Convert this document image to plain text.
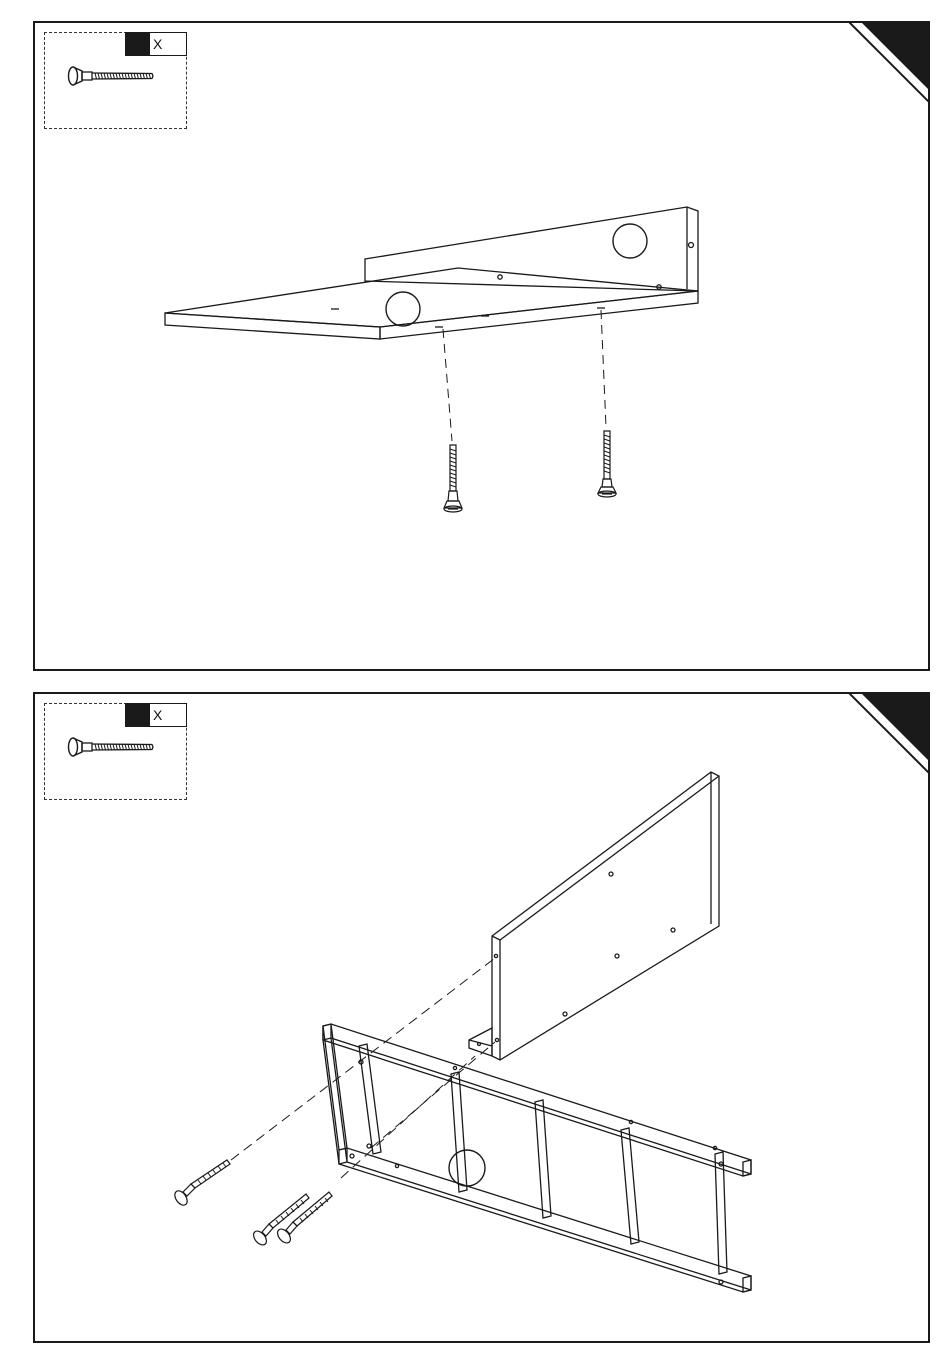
X
X
